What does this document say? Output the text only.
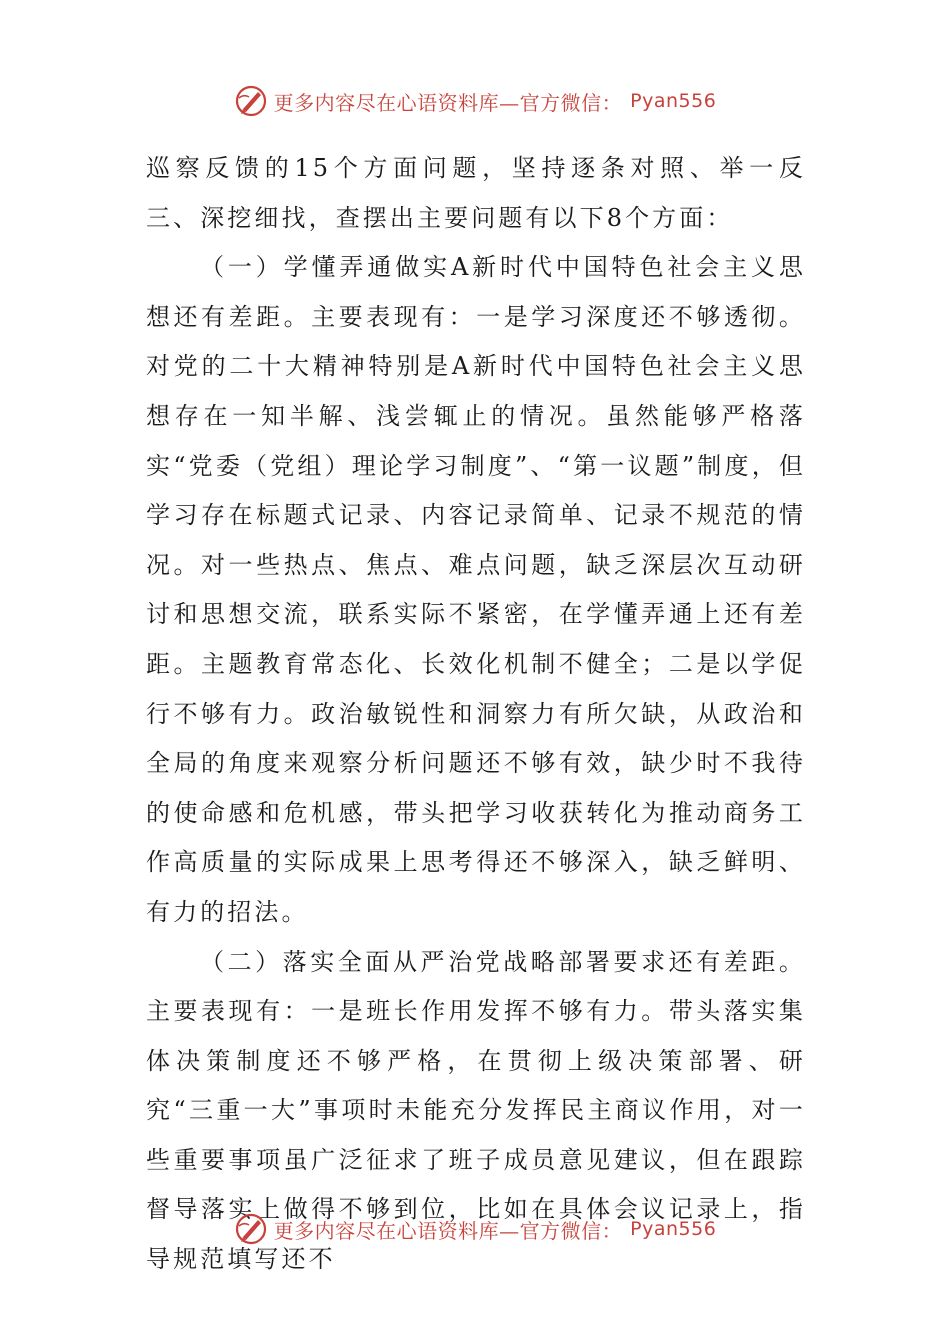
更多内容尽在心语资料库—官方微信： Pyan556

巡察反馈的15个方面问题，坚持逐条对照、举一反三、深挖细找，查摆出主要问题有以下8个方面：

（一）学懂弄通做实A新时代中国特色社会主义思想还有差距。主要表现有：一是学习深度还不够透彻。对党的二十大精神特别是A新时代中国特色社会主义思想存在一知半解、浅尝辄止的情况。虽然能够严格落实“党委（党组）理论学习制度”、“第一议题”制度，但学习存在标题式记录、内容记录简单、记录不规范的情况。对一些热点、焦点、难点问题，缺乏深层次互动研讨和思想交流，联系实际不紧密，在学懂弄通上还有差距。主题教育常态化、长效化机制不健全；二是以学促行不够有力。政治敏锐性和洞察力有所欠缺，从政治和全局的角度来观察分析问题还不够有效，缺少时不我待的使命感和危机感，带头把学习收获转化为推动商务工作高质量的实际成果上思考得还不够深入，缺乏鲜明、有力的招法。

（二）落实全面从严治党战略部署要求还有差距。主要表现有：一是班长作用发挥不够有力。带头落实集体决策制度还不够严格，在贯彻上级决策部署、研究“三重一大”事项时未能充分发挥民主商议作用，对一些重要事项虽广泛征求了班子成员意见建议，但在跟踪督导落实上做得不够到位，比如在具体会议记录上，指导规范填写还不

更多内容尽在心语资料库—官方微信： Pyan556
